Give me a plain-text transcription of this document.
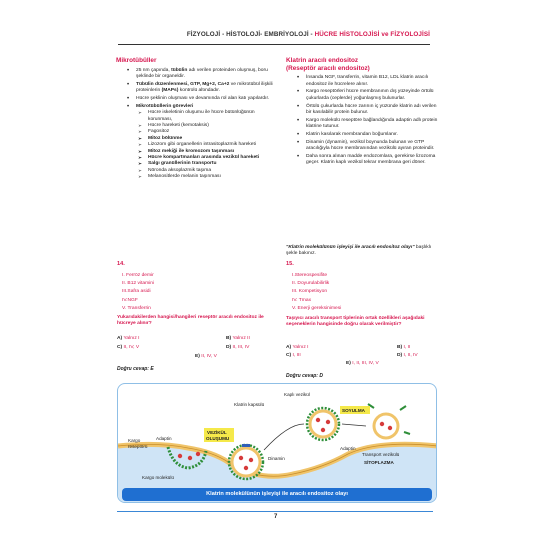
FİZYOLOJİ - HİSTOLOJİ- EMBRİYOLOJİ - HÜCRE HİSTOLOJİSİ ve FİZYOLOJİSİ
Mikrotübüller
• 25 nm çapında, tübülin adı verilen proteinden oluşmuş, boru şeklinde bir organeldir.
• Tübülin düzenlenmesi, GTP, Mg+2, Ca+2 ve mikrotübül ilişkili proteinlerin (MAPs) kontrolü altındadır.
• Hücre şeklinin oluşması ve devamında rol alan katı yapılardır.
• Mikrotübüllerin görevleri
➢ Hücre iskeletinin oluşumu ile hücre bütünlüğünün korunması,
➢ Hücre hareketi (kemotaksis)
➢ Fagositoz
➢ Mitoz bölünme
➢ Lizozom gibi organellerin intrasitoplazmik hareketi
➢ Mitoz mekiği ile kromozom taşınması
➢ Hücre kompartmanları arasında vezikül hareketi
➢ Salgı granüllerinin transportu
➢ Nöronda aksoplazmik taşıma
➢ Melanositlerde melanin taşınması
Klatrin aracılı endositoz
(Reseptör aracılı endositoz)
• İnsanda NGF, transferrin, vitamin B12, LDL klatrin aracılı endositoz ile hücrelere alınır.
• Kargo reseptörleri hücre membranının dış yüzeyinde örtülü çukurlarda (ceplerde) yoğunlaşmış bulunurlar.
• Örtülü çukurlarda hücre zarının iç yüzünde klatrin adı verilen bir kasılabilir protein bulunur.
• Kargo molekülü reseptöre bağlandığında adaptin adlı protein klatrine tutunur.
• Klatrin kasılarak membrandan boğumlanır.
• Dinamin (dynamin), vezikül boynunda bulunan ve GTP aracılığıyla hücre membranından vezikülü ayıran proteindir.
• Daha sonra alınan madde endozomlara, gerekirse lizozoma geçer. Klatrin kaplı vezikül tekrar membrana geri döner.
"Klatrin molekülünün işleyişi ile aracılı endositoz olayı" başlıklı şekle bakınız.
14.
I. Ferröz demir
II. B12 vitamini
III.Safra asidi
IV.NGF
V. Transferrin
Yukarıdakilerden hangisi/hangileri reseptör aracılı endositoz ile hücreye alınır?
A) Yalnız I	B) Yalnız II
C) II, IV, V	D) II, III, IV
E) II, IV, V
Doğru cevap: E
15.
I.Stereospesifite
II. Doyurulabilirlik
III. Kompetisyon
IV. Tmax
V. Enerji gereksinimesi
Taşıyıcı aracılı transport tiplerinin ortak özellikleri aşağıdaki seçeneklerin hangisinde doğru olarak verilmiştir?
A) Yalnız I	B) I, II
C) I, III	D) I, II, IV
E) I, II, III, IV, V
Doğru cevap: D
VEZİKÜL
OLUŞUMU
SOYULMA
Klatrin kapsülü
Kaplı vezikül
Kargo
reseptörü
Adaptin
Kargo molekülü
Dinamin
Adaptin
Transport vezikülü
SİTOPLAZMA
Klatrin molekülünün işleyişi ile aracılı endositoz olayı
7
